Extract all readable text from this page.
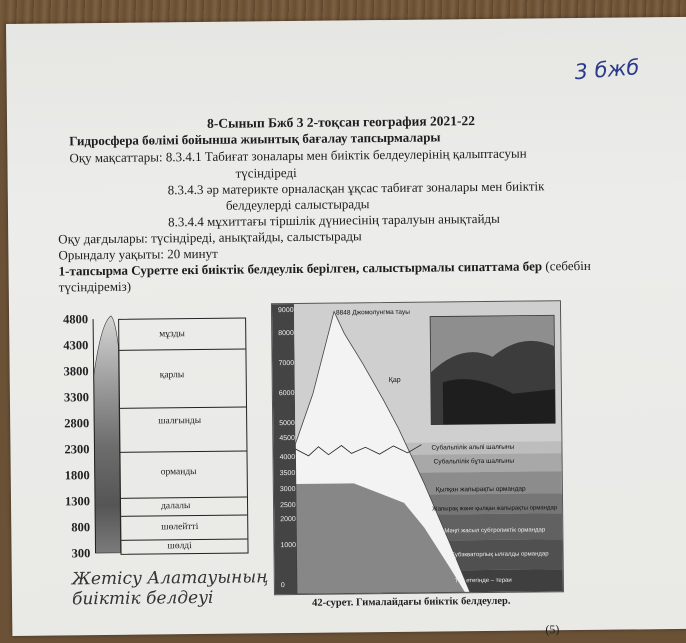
3 бжб
8-Сынып Бжб 3 2-тоқсан география 2021-22
Гидросфера бөлімі бойынша жиынтық бағалау тапсырмалары
Оқу мақсаттары: 8.3.4.1 Табиғат зоналары мен биіктік белдеулерінің қалыптасуын
түсіндіреді
8.3.4.3 әр материкте орналасқан ұқсас табиғат зоналары мен биіктік
белдеулерді салыстырады
8.3.4.4 мұхиттағы тіршілік дүниесінің таралуын анықтайды
Оқу дағдылары: түсіндіреді, анықтайды, салыстырады
Орындалу уақыты: 20 минут
1-тапсырма Суретте екі биіктік белдеулік берілген, салыстырмалы сипаттама бер (себебін
түсіндіреміз)
4800
4300
3800
3300
2800
2300
1800
1300
800
300
мұзды
қарлы
шалғынды
орманды
далалы
шөлейтті
шөлді
Жетісу Алатауының
биіктік белдеуі
9000
8000
7000
6000
5000
4500
4000
3500
3000
2500
2000
1000
0
8848 Джомолунгма тауы
Қар
Субальпілік альпі шалғыны
Субальпілік бұта шалғыны
Қылқан жапырақты ормандар
Жапырақ және қылқан жапырақты ормандар
Мәңгі жасыл субтропиктік ормандар
Субэкваторлық ылғалды ормандар
Тау етегінде – тераи
42-сурет. Гималайдағы биіктік белдеулер.
(5)
